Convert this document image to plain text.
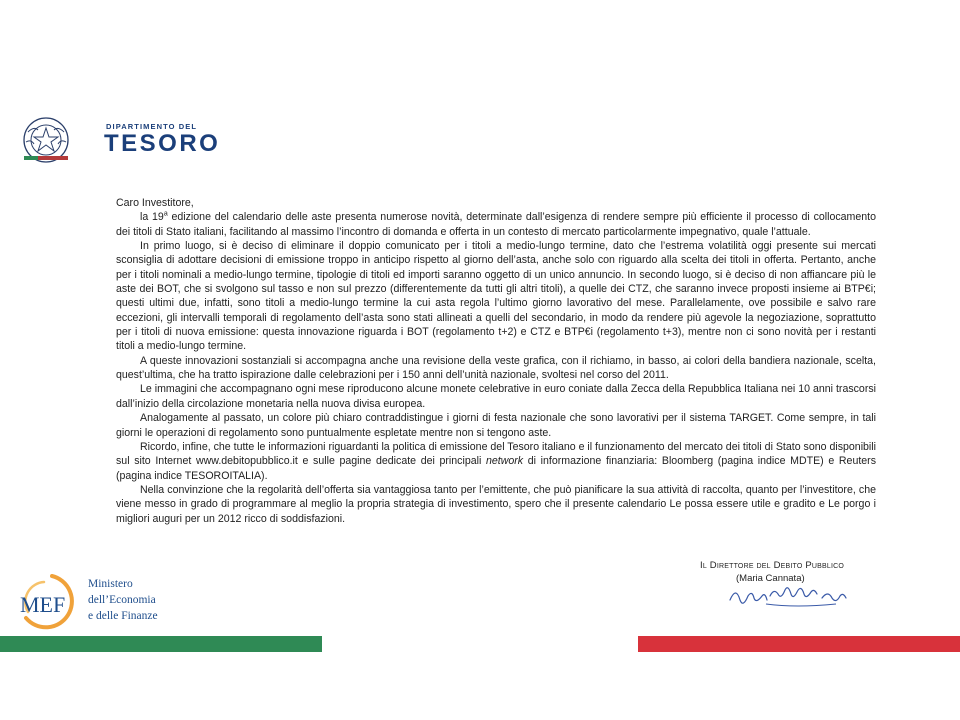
DIPARTIMENTO DEL
TESORO

Caro Investitore,

la 19$^a$ edizione del calendario delle aste presenta numerose novità, determinate dall’esigenza di rendere sempre più efficiente il processo di collocamento dei titoli di Stato italiani, facilitando al massimo l’incontro di domanda e offerta in un contesto di mercato particolarmente impegnativo, quale l’attuale.

In primo luogo, si è deciso di eliminare il doppio comunicato per i titoli a medio-lungo termine, dato che l’estrema volatilità oggi presente sui mercati sconsiglia di adottare decisioni di emissione troppo in anticipo rispetto al giorno dell’asta, anche solo con riguardo alla scelta dei titoli in offerta. Pertanto, anche per i titoli nominali a medio-lungo termine, tipologie di titoli ed importi saranno oggetto di un unico annuncio. In secondo luogo, si è deciso di non affiancare più le aste dei BOT, che si svolgono sul tasso e non sul prezzo (differentemente da tutti gli altri titoli), a quelle dei CTZ, che saranno invece proposti insieme ai BTP€i; questi ultimi due, infatti, sono titoli a medio-lungo termine la cui asta regola l’ultimo giorno lavorativo del mese. Parallelamente, ove possibile e salvo rare eccezioni, gli intervalli temporali di regolamento dell’asta sono stati allineati a quelli del secondario, in modo da rendere più agevole la negoziazione, soprattutto per i titoli di nuova emissione: questa innovazione riguarda i BOT (regolamento t+2) e CTZ e BTP€i (regolamento t+3), mentre non ci sono novità per i restanti titoli a medio-lungo termine.

A queste innovazioni sostanziali si accompagna anche una revisione della veste grafica, con il richiamo, in basso, ai colori della bandiera nazionale, scelta, quest’ultima, che ha tratto ispirazione dalle celebrazioni per i 150 anni dell’unità nazionale, svoltesi nel corso del 2011.

Le immagini che accompagnano ogni mese riproducono alcune monete celebrative in euro coniate dalla Zecca della Repubblica Italiana nei 10 anni trascorsi dall’inizio della circolazione monetaria nella nuova divisa europea.

Analogamente al passato, un colore più chiaro contraddistingue i giorni di festa nazionale che sono lavorativi per il sistema TARGET. Come sempre, in tali giorni le operazioni di regolamento sono puntualmente espletate mentre non si tengono aste.

Ricordo, infine, che tutte le informazioni riguardanti la politica di emissione del Tesoro italiano e il funzionamento del mercato dei titoli di Stato sono disponibili sul sito Internet www.debitopubblico.it e sulle pagine dedicate dei principali network di informazione finanziaria: Bloomberg (pagina indice MDTE) e Reuters (pagina indice TESOROITALIA).

Nella convinzione che la regolarità dell’offerta sia vantaggiosa tanto per l’emittente, che può pianificare la sua attività di raccolta, quanto per l’investitore, che viene messo in grado di programmare al meglio la propria strategia di investimento, spero che il presente calendario Le possa essere utile e gradito e Le porgo i migliori auguri per un 2012 ricco di soddisfazioni.

Il Direttore del Debito Pubblico
(Maria Cannata)
MEF
Ministero
dell’Economia
e delle Finanze
